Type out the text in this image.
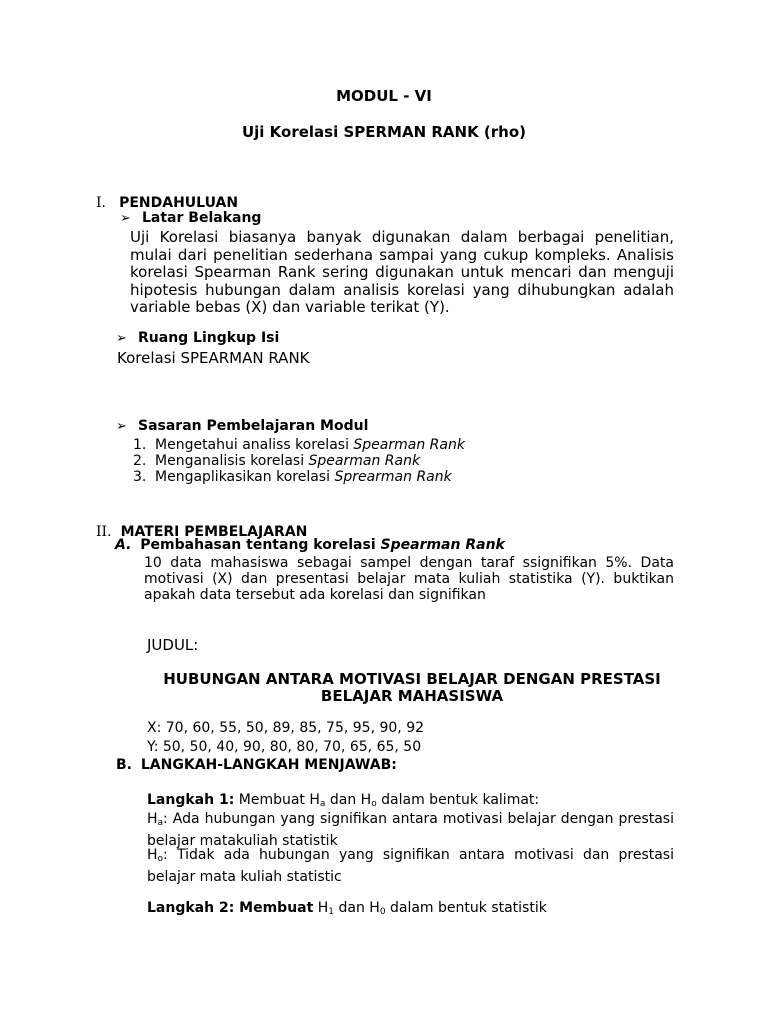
MODUL - VI
Uji Korelasi SPERMAN RANK (rho)
I. PENDAHULUAN
➢ Latar Belakang
Uji Korelasi biasanya banyak digunakan dalam berbagai penelitian, mulai dari penelitian sederhana sampai yang cukup kompleks. Analisis korelasi Spearman Rank sering digunakan untuk mencari dan menguji hipotesis hubungan dalam analisis korelasi yang dihubungkan adalah variable bebas (X) dan variable terikat (Y).
➢ Ruang Lingkup Isi
Korelasi SPEARMAN RANK
➢ Sasaran Pembelajaran Modul
1. Mengetahui analiss korelasi Spearman Rank
2. Menganalisis korelasi Spearman Rank
3. Mengaplikasikan korelasi Sprearman Rank
II. MATERI PEMBELAJARAN
A. Pembahasan tentang korelasi Spearman Rank
10 data mahasiswa sebagai sampel dengan taraf ssignifikan 5%. Data motivasi (X) dan presentasi belajar mata kuliah statistika (Y). buktikan apakah data tersebut ada korelasi dan signifikan
JUDUL:
HUBUNGAN ANTARA MOTIVASI BELAJAR DENGAN PRESTASI
BELAJAR MAHASISWA
X: 70, 60, 55, 50, 89, 85, 75, 95, 90, 92
Y: 50, 50, 40, 90, 80, 80, 70, 65, 65, 50
B. LANGKAH-LANGKAH MENJAWAB:
Langkah 1: Membuat Ha dan Ho dalam bentuk kalimat:
Ha: Ada hubungan yang signifikan antara motivasi belajar dengan prestasi belajar matakuliah statistik
Ho: Tidak ada hubungan yang signifikan antara motivasi dan prestasi belajar mata kuliah statistic
Langkah 2: Membuat H1 dan H0 dalam bentuk statistik
